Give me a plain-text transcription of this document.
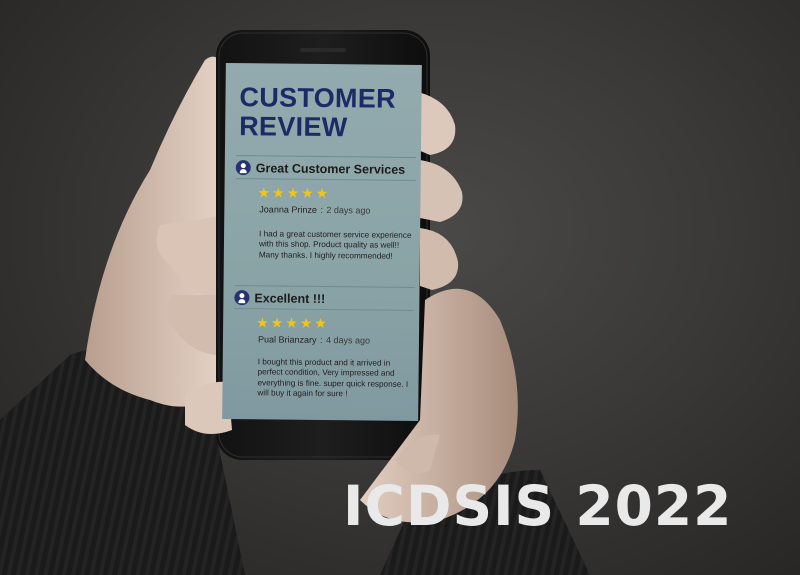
CUSTOMER
REVIEW
Great Customer Services
★★★★★
Joanna Prinze : 2 days ago
I had a great customer service experience with this shop. Product quality as well!! Many thanks. I highly recommended!
Excellent !!!
★★★★★
Pual Brianzary : 4 days ago
I bought this product and it arrived in perfect condition, Very impressed and everything is fine. super quick response. I will buy it again for sure !
ICDSIS 2022
